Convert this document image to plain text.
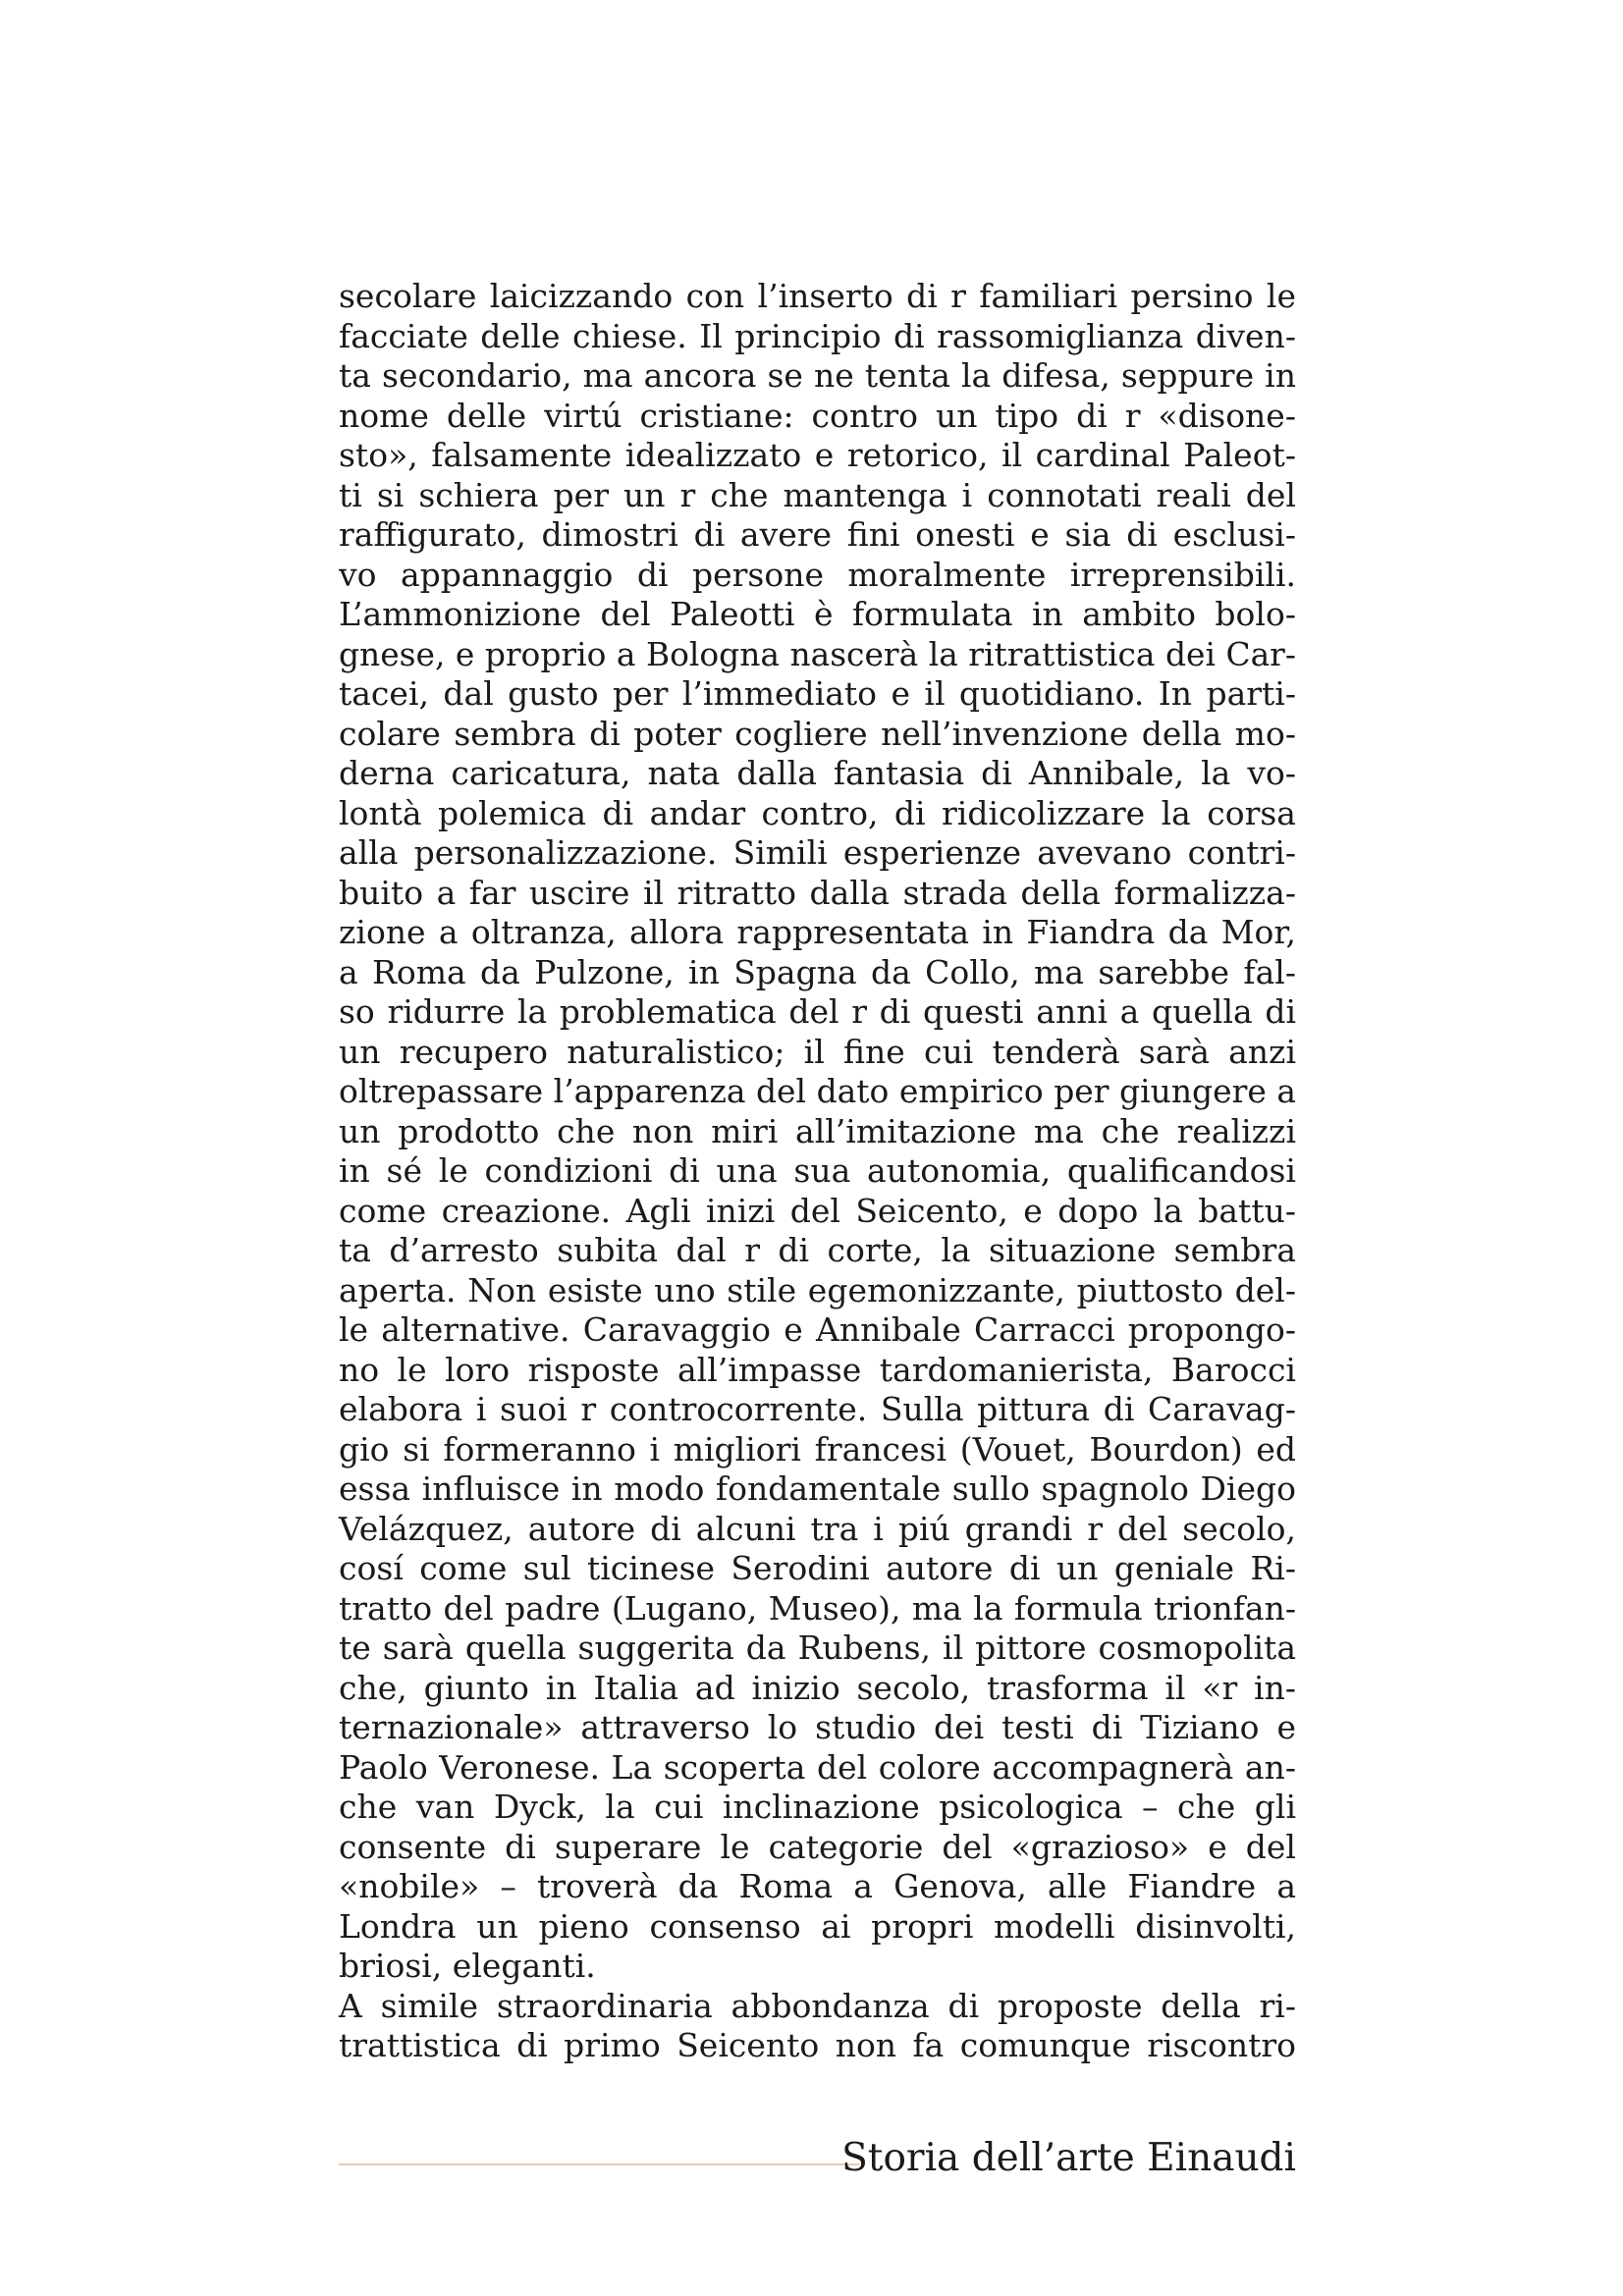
secolare laicizzando con l’inserto di r familiari persino le
facciate delle chiese. Il principio di rassomiglianza diven-
ta secondario, ma ancora se ne tenta la difesa, seppure in
nome delle virtú cristiane: contro un tipo di r «disone-
sto», falsamente idealizzato e retorico, il cardinal Paleot-
ti si schiera per un r che mantenga i connotati reali del
raffigurato, dimostri di avere fini onesti e sia di esclusi-
vo appannaggio di persone moralmente irreprensibili.
L’ammonizione del Paleotti è formulata in ambito bolo-
gnese, e proprio a Bologna nascerà la ritrattistica dei Car-
tacei, dal gusto per l’immediato e il quotidiano. In parti-
colare sembra di poter cogliere nell’invenzione della mo-
derna caricatura, nata dalla fantasia di Annibale, la vo-
lontà polemica di andar contro, di ridicolizzare la corsa
alla personalizzazione. Simili esperienze avevano contri-
buito a far uscire il ritratto dalla strada della formalizza-
zione a oltranza, allora rappresentata in Fiandra da Mor,
a Roma da Pulzone, in Spagna da Collo, ma sarebbe fal-
so ridurre la problematica del r di questi anni a quella di
un recupero naturalistico; il fine cui tenderà sarà anzi
oltrepassare l’apparenza del dato empirico per giungere a
un prodotto che non miri all’imitazione ma che realizzi
in sé le condizioni di una sua autonomia, qualificandosi
come creazione. Agli inizi del Seicento, e dopo la battu-
ta d’arresto subita dal r di corte, la situazione sembra
aperta. Non esiste uno stile egemonizzante, piuttosto del-
le alternative. Caravaggio e Annibale Carracci propongo-
no le loro risposte all’impasse tardomanierista, Barocci
elabora i suoi r controcorrente. Sulla pittura di Caravag-
gio si formeranno i migliori francesi (Vouet, Bourdon) ed
essa influisce in modo fondamentale sullo spagnolo Diego
Velázquez, autore di alcuni tra i piú grandi r del secolo,
cosí come sul ticinese Serodini autore di un geniale Ri-
tratto del padre (Lugano, Museo), ma la formula trionfan-
te sarà quella suggerita da Rubens, il pittore cosmopolita
che, giunto in Italia ad inizio secolo, trasforma il «r in-
ternazionale» attraverso lo studio dei testi di Tiziano e
Paolo Veronese. La scoperta del colore accompagnerà an-
che van Dyck, la cui inclinazione psicologica – che gli
consente di superare le categorie del «grazioso» e del
«nobile» – troverà da Roma a Genova, alle Fiandre a
Londra un pieno consenso ai propri modelli disinvolti,
briosi, eleganti.
A simile straordinaria abbondanza di proposte della ri-
trattistica di primo Seicento non fa comunque riscontro
Storia dell’arte Einaudi
